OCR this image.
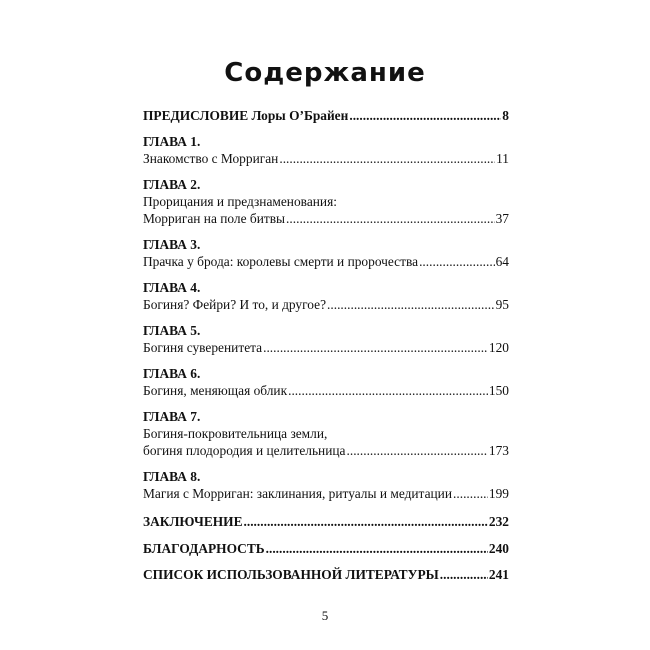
Содержание
ПРЕДИСЛОВИЕ Лоры О’Брайен .....	8
ГЛАВА 1.
Знакомство с Морриган .....	11
ГЛАВА 2.
Прорицания и предзнаменования:
Морриган на поле битвы .....	37
ГЛАВА 3.
Прачка у брода: королевы смерти и пророчества .....	64
ГЛАВА 4.
Богиня? Фейри? И то, и другое? .....	95
ГЛАВА 5.
Богиня суверенитета .....	120
ГЛАВА 6.
Богиня, меняющая облик .....	150
ГЛАВА 7.
Богиня-покровительница земли,
богиня плодородия и целительница .....	173
ГЛАВА 8.
Магия с Морриган: заклинания, ритуалы и медитации .....	199
ЗАКЛЮЧЕНИЕ .....	232
БЛАГОДАРНОСТЬ .....	240
СПИСОК ИСПОЛЬЗОВАННОЙ ЛИТЕРАТУРЫ .....	241
5
